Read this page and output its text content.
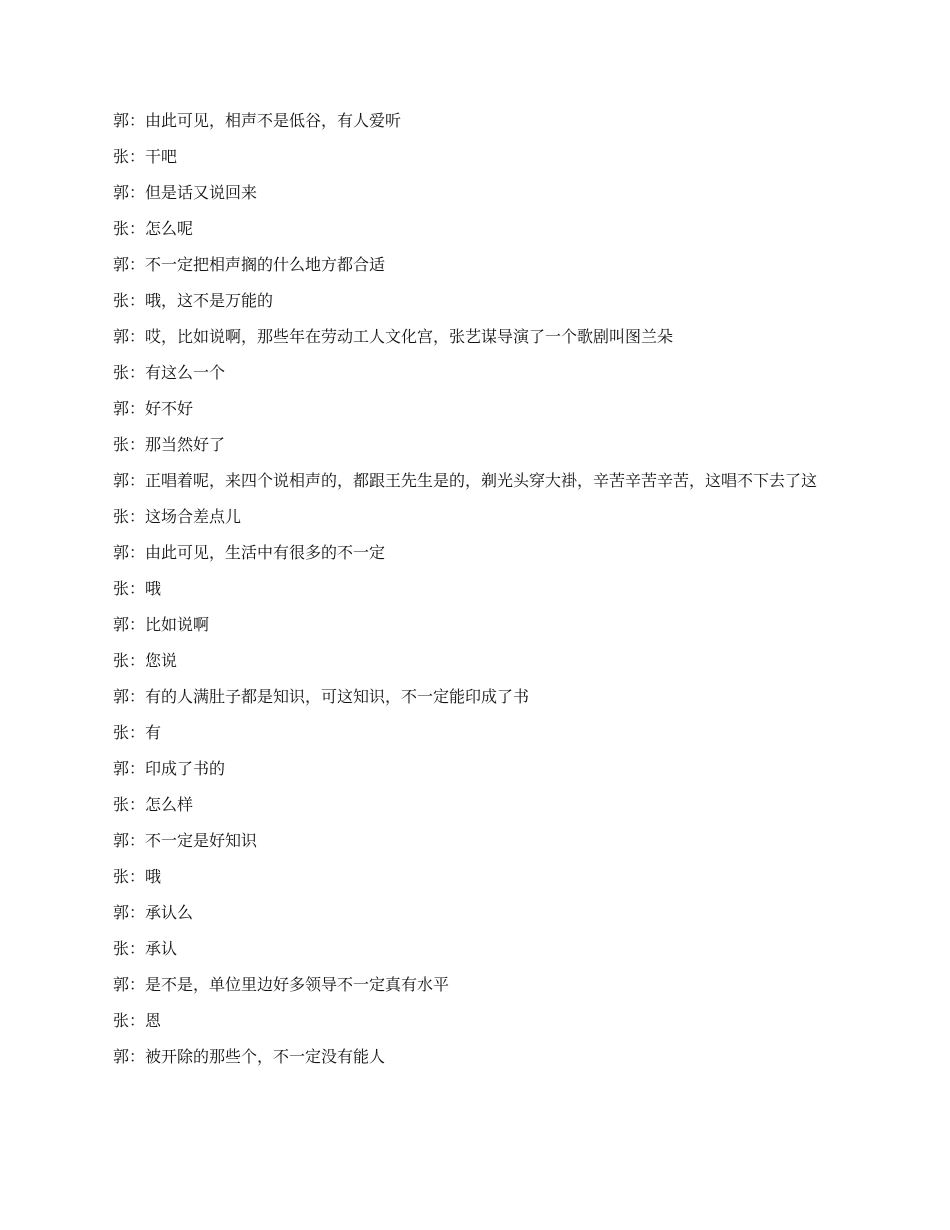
郭：由此可见，相声不是低谷，有人爱听

张：干吧

郭：但是话又说回来

张：怎么呢

郭：不一定把相声搁的什么地方都合适

张：哦，这不是万能的

郭：哎，比如说啊，那些年在劳动工人文化宫，张艺谋导演了一个歌剧叫图兰朵

张：有这么一个

郭：好不好

张：那当然好了

郭：正唱着呢，来四个说相声的，都跟王先生是的，剃光头穿大褂，辛苦辛苦辛苦，这唱不下去了这

张：这场合差点儿

郭：由此可见，生活中有很多的不一定

张：哦

郭：比如说啊

张：您说

郭：有的人满肚子都是知识，可这知识，不一定能印成了书

张：有

郭：印成了书的

张：怎么样

郭：不一定是好知识

张：哦

郭：承认么

张：承认

郭：是不是，单位里边好多领导不一定真有水平

张：恩

郭：被开除的那些个，不一定没有能人
